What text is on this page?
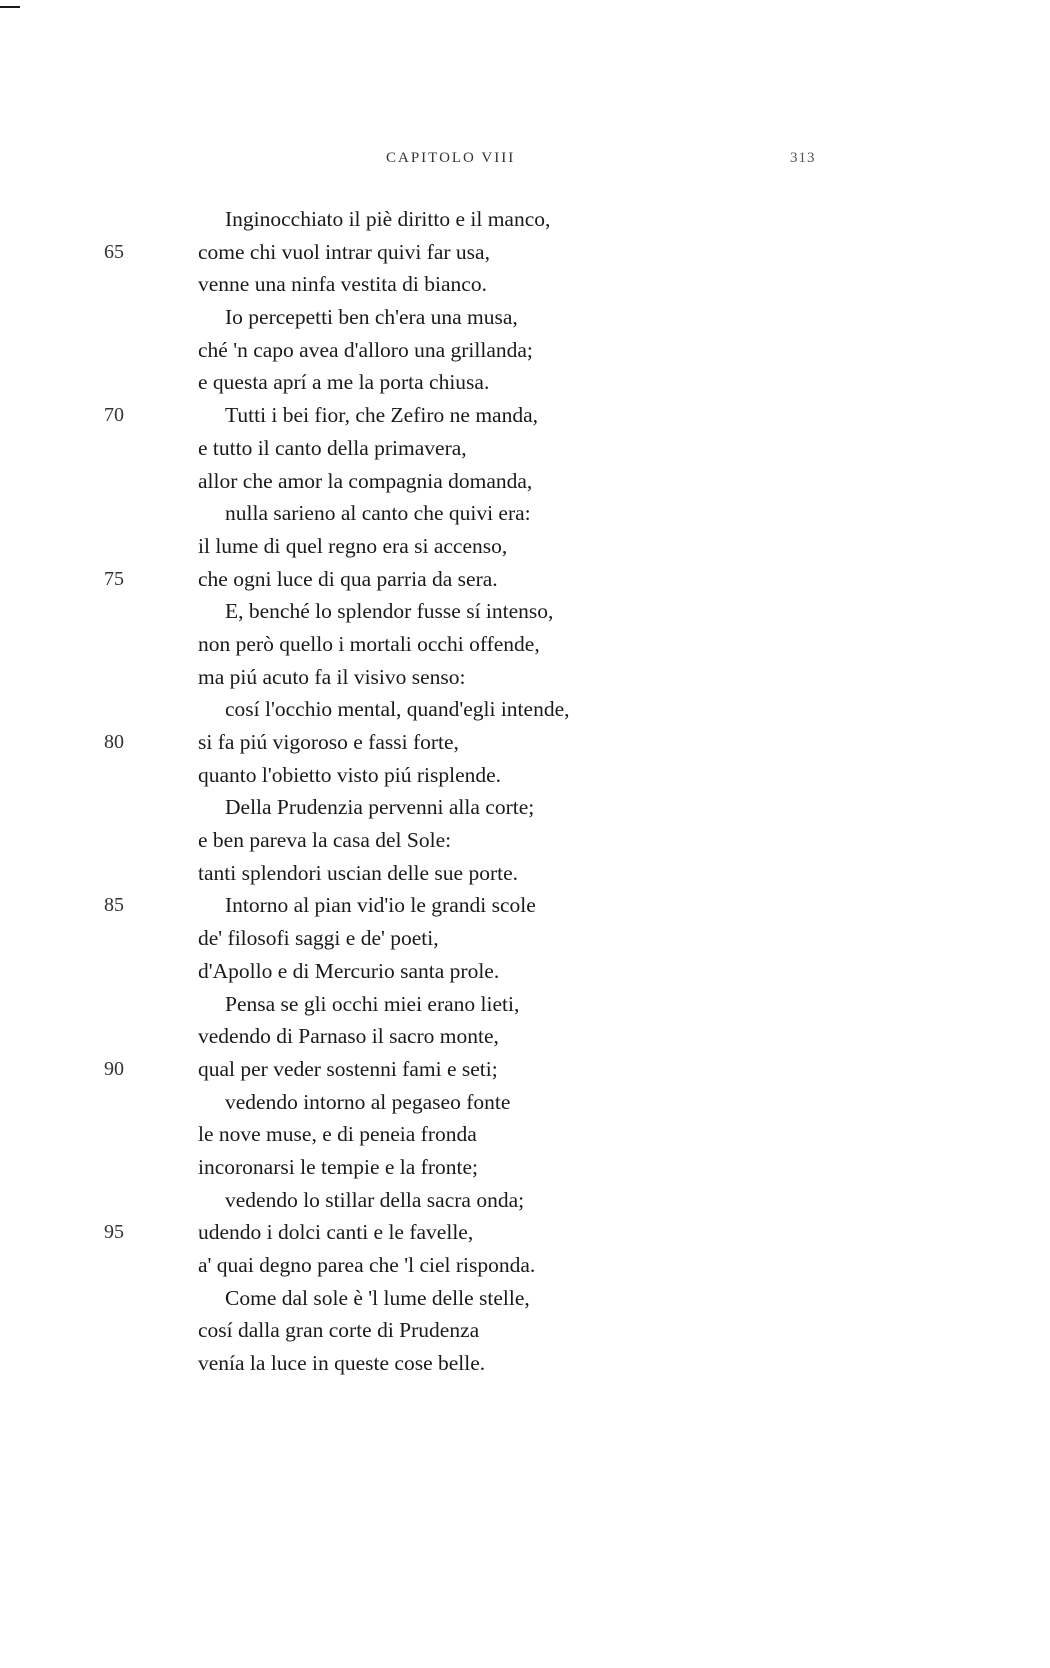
CAPITOLO VIII	313
Inginocchiato il piè diritto e il manco,
65	come chi vuol intrar quivi far usa,
venne una ninfa vestita di bianco.
Io percepetti ben ch'era una musa,
ché 'n capo avea d'alloro una grillanda;
e questa aprí a me la porta chiusa.
70	Tutti i bei fior, che Zefiro ne manda,
e tutto il canto della primavera,
allor che amor la compagnia domanda,
nulla sarieno al canto che quivi era:
il lume di quel regno era si accenso,
75	che ogni luce di qua parria da sera.
E, benché lo splendor fusse sí intenso,
non però quello i mortali occhi offende,
ma piú acuto fa il visivo senso:
cosí l'occhio mental, quand'egli intende,
80	si fa piú vigoroso e fassi forte,
quanto l'obietto visto piú risplende.
Della Prudenzia pervenni alla corte;
e ben pareva la casa del Sole:
tanti splendori uscian delle sue porte.
85	Intorno al pian vid'io le grandi scole
de' filosofi saggi e de' poeti,
d'Apollo e di Mercurio santa prole.
Pensa se gli occhi miei erano lieti,
vedendo di Parnaso il sacro monte,
90	qual per veder sostenni fami e seti;
vedendo intorno al pegaseo fonte
le nove muse, e di peneia fronda
incoronarsi le tempie e la fronte;
vedendo lo stillar della sacra onda;
95	udendo i dolci canti e le favelle,
a' quai degno parea che 'l ciel risponda.
Come dal sole è 'l lume delle stelle,
cosí dalla gran corte di Prudenza
venía la luce in queste cose belle.
